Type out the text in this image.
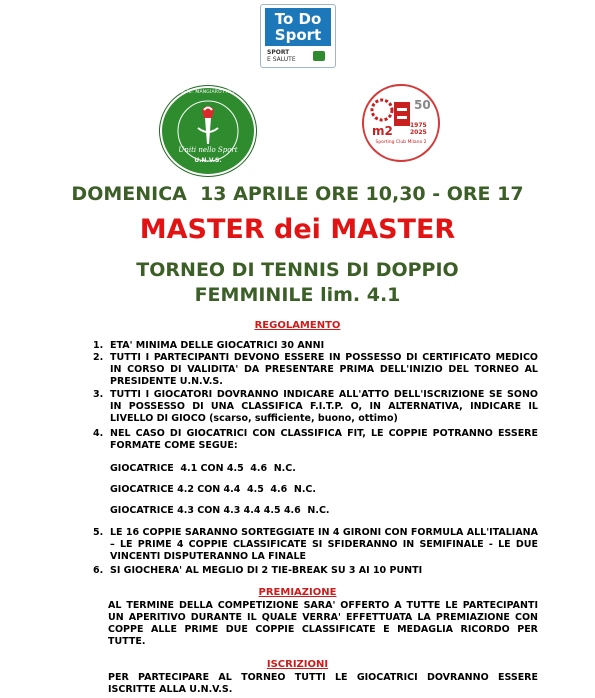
To Do
Sport
SPORT
E SALUTE
SEZIONE "E. MANGIAROTTI" MILANO
Uniti nello Sport
U.N.V.S.
50
m2	1975 2025
Sporting Club Milano 2
DOMENICA  13 APRILE ORE 10,30 - ORE 17
MASTER dei MASTER
TORNEO DI TENNIS DI DOPPIO
FEMMINILE lim. 4.1
REGOLAMENTO
1. ETA' MINIMA DELLE GIOCATRICI 30 ANNI
2. TUTTI I PARTECIPANTI DEVONO ESSERE IN POSSESSO DI CERTIFICATO MEDICO IN CORSO DI VALIDITA' DA PRESENTARE PRIMA DELL'INIZIO DEL TORNEO AL PRESIDENTE U.N.V.S.
3. TUTTI I GIOCATORI DOVRANNO INDICARE ALL'ATTO DELL'ISCRIZIONE SE SONO IN POSSESSO DI UNA CLASSIFICA F.I.T.P. O, IN ALTERNATIVA, INDICARE IL LIVELLO DI GIOCO (scarso, sufficiente, buono, ottimo)
4. NEL CASO DI GIOCATRICI CON CLASSIFICA FIT, LE COPPIE POTRANNO ESSERE FORMATE COME SEGUE:
GIOCATRICE  4.1 CON 4.5  4.6  N.C.
GIOCATRICE 4.2 CON 4.4  4.5  4.6  N.C.
GIOCATRICE 4.3 CON 4.3 4.4 4.5 4.6  N.C.
5. LE 16 COPPIE SARANNO SORTEGGIATE IN 4 GIRONI CON FORMULA ALL'ITALIANA – LE PRIME 4 COPPIE CLASSIFICATE SI SFIDERANNO IN SEMIFINALE - LE DUE VINCENTI DISPUTERANNO LA FINALE
6. SI GIOCHERA' AL MEGLIO DI 2 TIE-BREAK SU 3 AI 10 PUNTI
PREMIAZIONE
AL TERMINE DELLA COMPETIZIONE SARA' OFFERTO A TUTTE LE PARTECIPANTI UN APERITIVO DURANTE IL QUALE VERRA' EFFETTUATA LA PREMIAZIONE CON COPPE ALLE PRIME DUE COPPIE CLASSIFICATE E MEDAGLIA RICORDO PER TUTTE.
ISCRIZIONI
PER PARTECIPARE AL TORNEO TUTTI LE GIOCATRICI DOVRANNO ESSERE ISCRITTE ALLA U.N.V.S.
